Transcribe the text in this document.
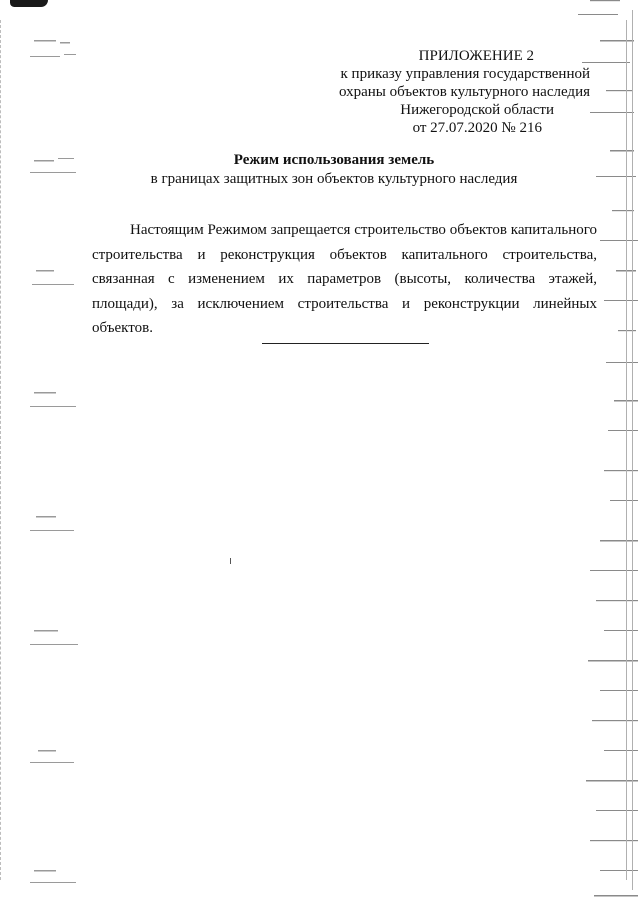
ПРИЛОЖЕНИЕ 2
к приказу управления государственной
охраны объектов культурного наследия
Нижегородской области
от 27.07.2020 № 216
Режим использования земель
в границах защитных зон объектов культурного наследия
Настоящим Режимом запрещается строительство объектов капитального строительства и реконструкция объектов капитального строительства, связанная с изменением их параметров (высоты, количества этажей, площади), за исключением строительства и реконструкции линейных объектов.
